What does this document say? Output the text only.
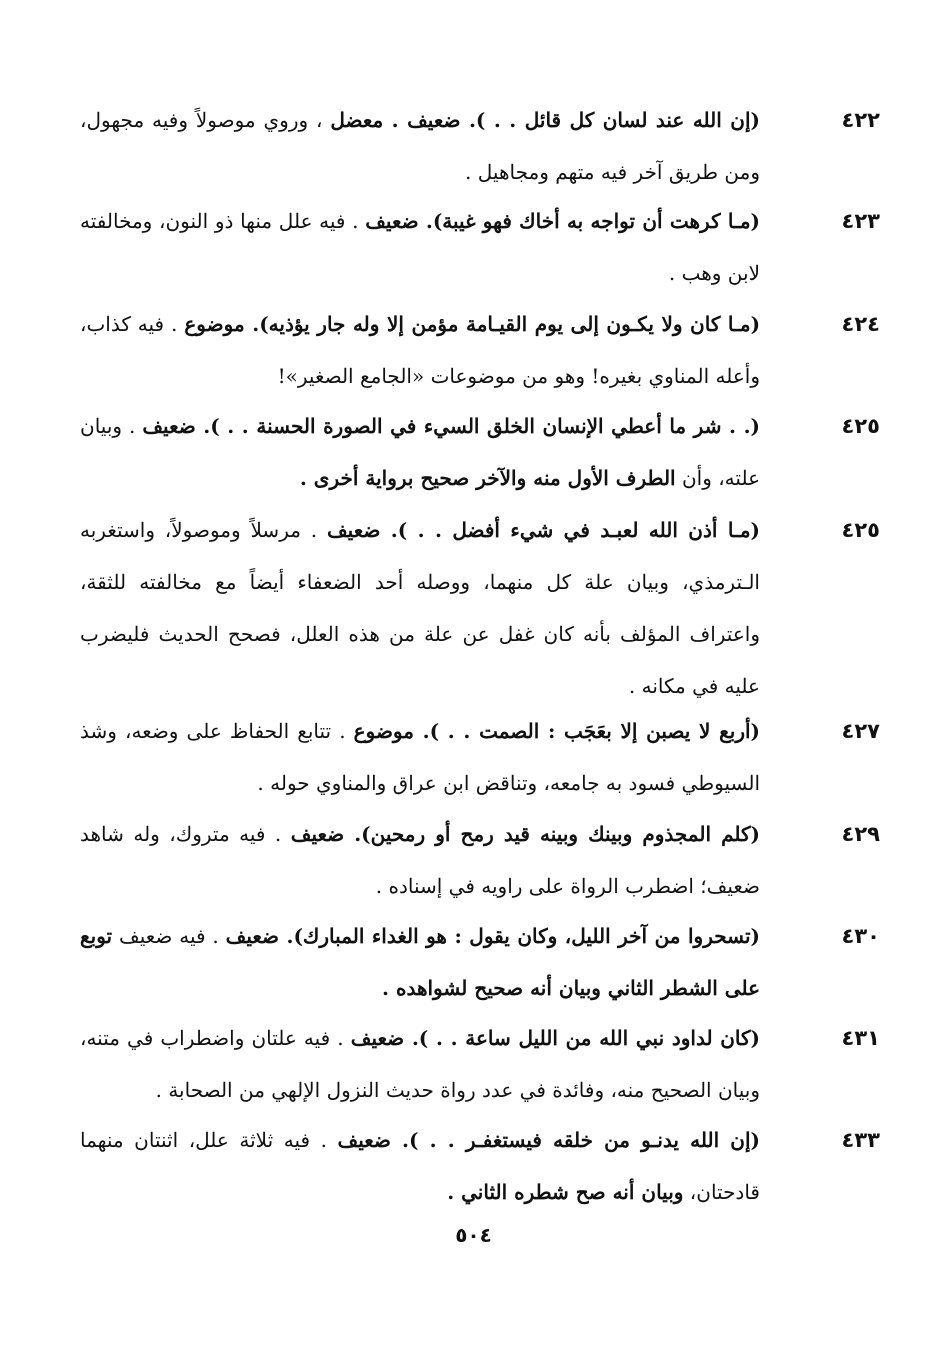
٤٢٢
(إن الله عند لسان كل قائل . . ). ضعيف . معضل ، وروي موصولاً وفيه مجهول، ومن طريق آخر فيه متهم ومجاهيل .
٤٢٣
(مـا كرهت أن تواجه به أخاك فهو غيبة). ضعيف . فيه علل منها ذو النون، ومخالفته لابن وهب .
٤٢٤
(مـا كان ولا يكـون إلى يوم القيـامة مؤمن إلا وله جار يؤذيه). موضوع . فيه كذاب، وأعله المناوي بغيره! وهو من موضوعات «الجامع الصغير»!
٤٢٥
(. . شر ما أعطي الإنسان الخلق السيء في الصورة الحسنة . . ). ضعيف . وبيان علته، وأن الطرف الأول منه والآخر صحيح برواية أخرى .
٤٢٥
(مـا أذن الله لعبـد في شيء أفضل . . ). ضعيف . مرسلاً وموصولاً، واستغربه الـترمذي، وبيان علة كل منهما، ووصله أحد الضعفاء أيضاً مع مخالفته للثقة، واعتراف المؤلف بأنه كان غفل عن علة من هذه العلل، فصحح الحديث فليضرب عليه في مكانه .
٤٢٧
(أربع لا يصبن إلا بعَجَب : الصمت . . ). موضوع . تتابع الحفاظ على وضعه، وشذ السيوطي فسود به جامعه، وتناقض ابن عراق والمناوي حوله .
٤٢٩
(كلم المجذوم وبينك وبينه قيد رمح أو رمحين). ضعيف . فيه متروك، وله شاهد ضعيف؛ اضطرب الرواة على راويه في إسناده .
٤٣٠
(تسحروا من آخر الليل، وكان يقول : هو الغداء المبارك). ضعيف . فيه ضعيف توبع على الشطر الثاني وبيان أنه صحيح لشواهده .
٤٣١
(كان لداود نبي الله من الليل ساعة . . ). ضعيف . فيه علتان واضطراب في متنه، وبيان الصحيح منه، وفائدة في عدد رواة حديث النزول الإلهي من الصحابة .
٤٣٣
(إن الله يدنـو من خلقه فيستغفـر . . ). ضعيف . فيه ثلاثة علل، اثنتان منهما قادحتان، وبيان أنه صح شطره الثاني .
٥٠٤
